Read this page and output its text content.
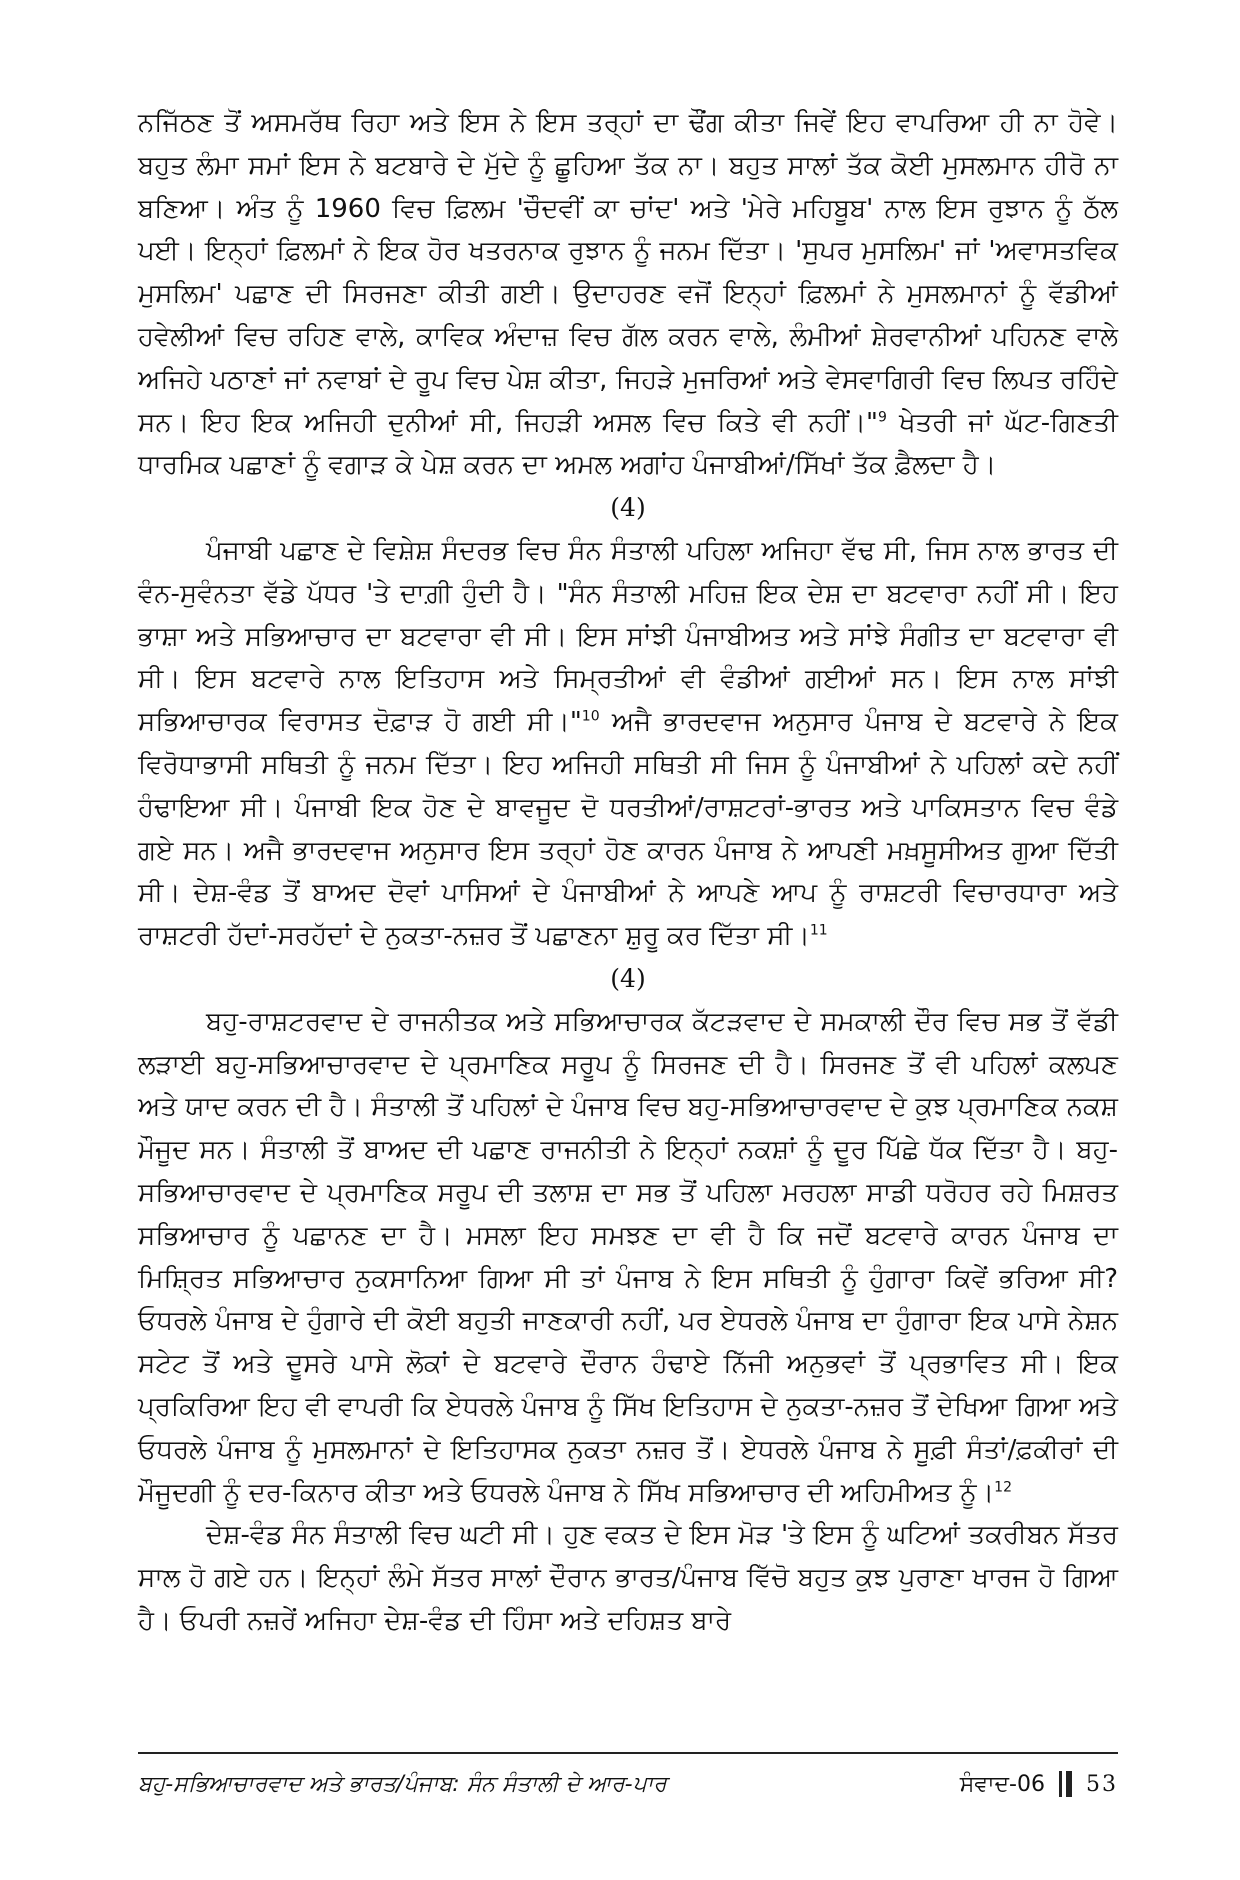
ਨਜਿੱਠਣ ਤੋਂ ਅਸਮਰੱਥ ਰਿਹਾ ਅਤੇ ਇਸ ਨੇ ਇਸ ਤਰ੍ਹਾਂ ਦਾ ਢੌਂਗ ਕੀਤਾ ਜਿਵੇਂ ਇਹ ਵਾਪਰਿਆ ਹੀ ਨਾ ਹੋਵੇ। ਬਹੁਤ ਲੰਮਾ ਸਮਾਂ ਇਸ ਨੇ ਬਟਬਾਰੇ ਦੇ ਮੁੱਦੇ ਨੂੰ ਛੂਹਿਆ ਤੱਕ ਨਾ। ਬਹੁਤ ਸਾਲਾਂ ਤੱਕ ਕੋਈ ਮੁਸਲਮਾਨ ਹੀਰੋ ਨਾ ਬਣਿਆ। ਅੰਤ ਨੂੰ 1960 ਵਿਚ ਫ਼ਿਲਮ 'ਚੌਦਵੀਂ ਕਾ ਚਾਂਦ' ਅਤੇ 'ਮੇਰੇ ਮਹਿਬੂਬ' ਨਾਲ ਇਸ ਰੁਝਾਨ ਨੂੰ ਠੱਲ ਪਈ। ਇਨ੍ਹਾਂ ਫ਼ਿਲਮਾਂ ਨੇ ਇਕ ਹੋਰ ਖਤਰਨਾਕ ਰੁਝਾਨ ਨੂੰ ਜਨਮ ਦਿੱਤਾ। 'ਸੁਪਰ ਮੁਸਲਿਮ' ਜਾਂ 'ਅਵਾਸਤਵਿਕ ਮੁਸਲਿਮ' ਪਛਾਣ ਦੀ ਸਿਰਜਣਾ ਕੀਤੀ ਗਈ। ਉਦਾਹਰਣ ਵਜੋਂ ਇਨ੍ਹਾਂ ਫ਼ਿਲਮਾਂ ਨੇ ਮੁਸਲਮਾਨਾਂ ਨੂੰ ਵੱਡੀਆਂ ਹਵੇਲੀਆਂ ਵਿਚ ਰਹਿਣ ਵਾਲੇ, ਕਾਵਿਕ ਅੰਦਾਜ਼ ਵਿਚ ਗੱਲ ਕਰਨ ਵਾਲੇ, ਲੰਮੀਆਂ ਸ਼ੇਰਵਾਨੀਆਂ ਪਹਿਨਣ ਵਾਲੇ ਅਜਿਹੇ ਪਠਾਣਾਂ ਜਾਂ ਨਵਾਬਾਂ ਦੇ ਰੂਪ ਵਿਚ ਪੇਸ਼ ਕੀਤਾ, ਜਿਹੜੇ ਮੁਜਰਿਆਂ ਅਤੇ ਵੇਸਵਾਗਿਰੀ ਵਿਚ ਲਿਪਤ ਰਹਿੰਦੇ ਸਨ। ਇਹ ਇਕ ਅਜਿਹੀ ਦੁਨੀਆਂ ਸੀ, ਜਿਹੜੀ ਅਸਲ ਵਿਚ ਕਿਤੇ ਵੀ ਨਹੀਂ।"$^9$ ਖੇਤਰੀ ਜਾਂ ਘੱਟ-ਗਿਣਤੀ ਧਾਰਮਿਕ ਪਛਾਣਾਂ ਨੂੰ ਵਗਾੜ ਕੇ ਪੇਸ਼ ਕਰਨ ਦਾ ਅਮਲ ਅਗਾਂਹ ਪੰਜਾਬੀਆਂ/ਸਿੱਖਾਂ ਤੱਕ ਫ਼ੈਲਦਾ ਹੈ।

(4)

ਪੰਜਾਬੀ ਪਛਾਣ ਦੇ ਵਿਸ਼ੇਸ਼ ਸੰਦਰਭ ਵਿਚ ਸੰਨ ਸੰਤਾਲੀ ਪਹਿਲਾ ਅਜਿਹਾ ਵੱਢ ਸੀ, ਜਿਸ ਨਾਲ ਭਾਰਤ ਦੀ ਵੰਨ-ਸੁਵੰਨਤਾ ਵੱਡੇ ਪੱਧਰ 'ਤੇ ਦਾਗ਼ੀ ਹੁੰਦੀ ਹੈ। "ਸੰਨ ਸੰਤਾਲੀ ਮਹਿਜ਼ ਇਕ ਦੇਸ਼ ਦਾ ਬਟਵਾਰਾ ਨਹੀਂ ਸੀ। ਇਹ ਭਾਸ਼ਾ ਅਤੇ ਸਭਿਆਚਾਰ ਦਾ ਬਟਵਾਰਾ ਵੀ ਸੀ। ਇਸ ਸਾਂਝੀ ਪੰਜਾਬੀਅਤ ਅਤੇ ਸਾਂਝੇ ਸੰਗੀਤ ਦਾ ਬਟਵਾਰਾ ਵੀ ਸੀ। ਇਸ ਬਟਵਾਰੇ ਨਾਲ ਇਤਿਹਾਸ ਅਤੇ ਸਿਮ੍ਰਤੀਆਂ ਵੀ ਵੰਡੀਆਂ ਗਈਆਂ ਸਨ। ਇਸ ਨਾਲ ਸਾਂਝੀ ਸਭਿਆਚਾਰਕ ਵਿਰਾਸਤ ਦੋਫ਼ਾੜ ਹੋ ਗਈ ਸੀ।"$^{10}$ ਅਜੈ ਭਾਰਦਵਾਜ ਅਨੁਸਾਰ ਪੰਜਾਬ ਦੇ ਬਟਵਾਰੇ ਨੇ ਇਕ ਵਿਰੋਧਾਭਾਸੀ ਸਥਿਤੀ ਨੂੰ ਜਨਮ ਦਿੱਤਾ। ਇਹ ਅਜਿਹੀ ਸਥਿਤੀ ਸੀ ਜਿਸ ਨੂੰ ਪੰਜਾਬੀਆਂ ਨੇ ਪਹਿਲਾਂ ਕਦੇ ਨਹੀਂ ਹੰਢਾਇਆ ਸੀ। ਪੰਜਾਬੀ ਇਕ ਹੋਣ ਦੇ ਬਾਵਜੂਦ ਦੋ ਧਰਤੀਆਂ/ਰਾਸ਼ਟਰਾਂ-ਭਾਰਤ ਅਤੇ ਪਾਕਿਸਤਾਨ ਵਿਚ ਵੰਡੇ ਗਏ ਸਨ। ਅਜੈ ਭਾਰਦਵਾਜ ਅਨੁਸਾਰ ਇਸ ਤਰ੍ਹਾਂ ਹੋਣ ਕਾਰਨ ਪੰਜਾਬ ਨੇ ਆਪਣੀ ਮਖ਼ਸੂਸੀਅਤ ਗੁਆ ਦਿੱਤੀ ਸੀ। ਦੇਸ਼-ਵੰਡ ਤੋਂ ਬਾਅਦ ਦੋਵਾਂ ਪਾਸਿਆਂ ਦੇ ਪੰਜਾਬੀਆਂ ਨੇ ਆਪਣੇ ਆਪ ਨੂੰ ਰਾਸ਼ਟਰੀ ਵਿਚਾਰਧਾਰਾ ਅਤੇ ਰਾਸ਼ਟਰੀ ਹੱਦਾਂ-ਸਰਹੱਦਾਂ ਦੇ ਨੁਕਤਾ-ਨਜ਼ਰ ਤੋਂ ਪਛਾਣਨਾ ਸ਼ੁਰੂ ਕਰ ਦਿੱਤਾ ਸੀ।$^{11}$

(4)

ਬਹੁ-ਰਾਸ਼ਟਰਵਾਦ ਦੇ ਰਾਜਨੀਤਕ ਅਤੇ ਸਭਿਆਚਾਰਕ ਕੱਟੜਵਾਦ ਦੇ ਸਮਕਾਲੀ ਦੌਰ ਵਿਚ ਸਭ ਤੋਂ ਵੱਡੀ ਲੜਾਈ ਬਹੁ-ਸਭਿਆਚਾਰਵਾਦ ਦੇ ਪ੍ਰਮਾਣਿਕ ਸਰੂਪ ਨੂੰ ਸਿਰਜਣ ਦੀ ਹੈ। ਸਿਰਜਣ ਤੋਂ ਵੀ ਪਹਿਲਾਂ ਕਲਪਣ ਅਤੇ ਯਾਦ ਕਰਨ ਦੀ ਹੈ। ਸੰਤਾਲੀ ਤੋਂ ਪਹਿਲਾਂ ਦੇ ਪੰਜਾਬ ਵਿਚ ਬਹੁ-ਸਭਿਆਚਾਰਵਾਦ ਦੇ ਕੁਝ ਪ੍ਰਮਾਣਿਕ ਨਕਸ਼ ਮੌਜੂਦ ਸਨ। ਸੰਤਾਲੀ ਤੋਂ ਬਾਅਦ ਦੀ ਪਛਾਣ ਰਾਜਨੀਤੀ ਨੇ ਇਨ੍ਹਾਂ ਨਕਸ਼ਾਂ ਨੂੰ ਦੂਰ ਪਿੱਛੇ ਧੱਕ ਦਿੱਤਾ ਹੈ। ਬਹੁ-ਸਭਿਆਚਾਰਵਾਦ ਦੇ ਪ੍ਰਮਾਣਿਕ ਸਰੂਪ ਦੀ ਤਲਾਸ਼ ਦਾ ਸਭ ਤੋਂ ਪਹਿਲਾ ਮਰਹਲਾ ਸਾਡੀ ਧਰੋਹਰ ਰਹੇ ਮਿਸ਼ਰਤ ਸਭਿਆਚਾਰ ਨੂੰ ਪਛਾਨਣ ਦਾ ਹੈ। ਮਸਲਾ ਇਹ ਸਮਝਣ ਦਾ ਵੀ ਹੈ ਕਿ ਜਦੋਂ ਬਟਵਾਰੇ ਕਾਰਨ ਪੰਜਾਬ ਦਾ ਮਿਸ਼੍ਰਿਤ ਸਭਿਆਚਾਰ ਨੁਕਸਾਨਿਆ ਗਿਆ ਸੀ ਤਾਂ ਪੰਜਾਬ ਨੇ ਇਸ ਸਥਿਤੀ ਨੂੰ ਹੁੰਗਾਰਾ ਕਿਵੇਂ ਭਰਿਆ ਸੀ? ਓਧਰਲੇ ਪੰਜਾਬ ਦੇ ਹੁੰਗਾਰੇ ਦੀ ਕੋਈ ਬਹੁਤੀ ਜਾਣਕਾਰੀ ਨਹੀਂ, ਪਰ ਏਧਰਲੇ ਪੰਜਾਬ ਦਾ ਹੁੰਗਾਰਾ ਇਕ ਪਾਸੇ ਨੇਸ਼ਨ ਸਟੇਟ ਤੋਂ ਅਤੇ ਦੂਸਰੇ ਪਾਸੇ ਲੋਕਾਂ ਦੇ ਬਟਵਾਰੇ ਦੌਰਾਨ ਹੰਢਾਏ ਨਿੱਜੀ ਅਨੁਭਵਾਂ ਤੋਂ ਪ੍ਰਭਾਵਿਤ ਸੀ। ਇਕ ਪ੍ਰਕਿਰਿਆ ਇਹ ਵੀ ਵਾਪਰੀ ਕਿ ਏਧਰਲੇ ਪੰਜਾਬ ਨੂੰ ਸਿੱਖ ਇਤਿਹਾਸ ਦੇ ਨੁਕਤਾ-ਨਜ਼ਰ ਤੋਂ ਦੇਖਿਆ ਗਿਆ ਅਤੇ ਓਧਰਲੇ ਪੰਜਾਬ ਨੂੰ ਮੁਸਲਮਾਨਾਂ ਦੇ ਇਤਿਹਾਸਕ ਨੁਕਤਾ ਨਜ਼ਰ ਤੋਂ। ਏਧਰਲੇ ਪੰਜਾਬ ਨੇ ਸੂਫ਼ੀ ਸੰਤਾਂ/ਫ਼ਕੀਰਾਂ ਦੀ ਮੌਜੂਦਗੀ ਨੂੰ ਦਰ-ਕਿਨਾਰ ਕੀਤਾ ਅਤੇ ਓਧਰਲੇ ਪੰਜਾਬ ਨੇ ਸਿੱਖ ਸਭਿਆਚਾਰ ਦੀ ਅਹਿਮੀਅਤ ਨੂੰ।$^{12}$

ਦੇਸ਼-ਵੰਡ ਸੰਨ ਸੰਤਾਲੀ ਵਿਚ ਘਟੀ ਸੀ। ਹੁਣ ਵਕਤ ਦੇ ਇਸ ਮੋੜ 'ਤੇ ਇਸ ਨੂੰ ਘਟਿਆਂ ਤਕਰੀਬਨ ਸੱਤਰ ਸਾਲ ਹੋ ਗਏ ਹਨ। ਇਨ੍ਹਾਂ ਲੰਮੇ ਸੱਤਰ ਸਾਲਾਂ ਦੌਰਾਨ ਭਾਰਤ/ਪੰਜਾਬ ਵਿੱਚੋ ਬਹੁਤ ਕੁਝ ਪੁਰਾਣਾ ਖਾਰਜ ਹੋ ਗਿਆ ਹੈ। ਓਪਰੀ ਨਜ਼ਰੇਂ ਅਜਿਹਾ ਦੇਸ਼-ਵੰਡ ਦੀ ਹਿੰਸਾ ਅਤੇ ਦਹਿਸ਼ਤ ਬਾਰੇ

ਬਹੁ-ਸਭਿਆਚਾਰਵਾਦ ਅਤੇ ਭਾਰਤ/ਪੰਜਾਬ: ਸੰਨ ਸੰਤਾਲੀ ਦੇ ਆਰ-ਪਾਰ	ਸੰਵਾਦ-06 53
